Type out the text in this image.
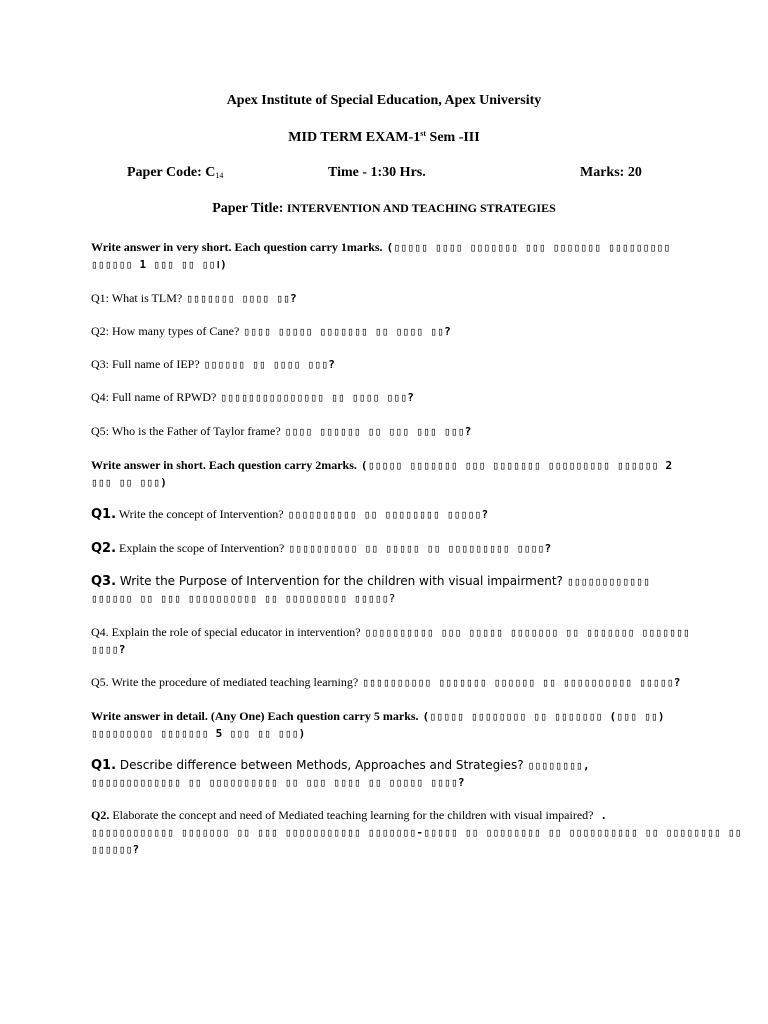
Apex Institute of Special Education, Apex University
MID TERM EXAM-1st Sem -III
Paper Code: $C_{14}$	Time - 1:30 Hrs.	Marks: 20
Paper Title: INTERVENTION AND TEACHING STRATEGIES
Write answer in very short. Each question carry 1marks. (▯▯▯▯▯ ▯▯▯▯ ▯▯▯▯▯▯▯ ▯▯▯ ▯▯▯▯▯▯▯ ▯▯▯▯▯▯▯▯▯
▯▯▯▯▯▯ 1 ▯▯▯ ▯▯ ▯▯।)
Q1: What is TLM? ▯▯▯▯▯▯▯ ▯▯▯▯ ▯▯?
Q2: How many types of Cane? ▯▯▯▯ ▯▯▯▯▯ ▯▯▯▯▯▯▯ ▯▯ ▯▯▯▯ ▯▯?
Q3: Full name of IEP? ▯▯▯▯▯▯ ▯▯ ▯▯▯▯ ▯▯▯?
Q4: Full name of RPWD? ▯▯▯▯▯▯▯▯▯▯▯▯▯▯▯ ▯▯ ▯▯▯▯ ▯▯▯?
Q5: Who is the Father of Taylor frame? ▯▯▯▯ ▯▯▯▯▯▯ ▯▯ ▯▯▯ ▯▯▯ ▯▯▯?
Write answer in short. Each question carry 2marks. (▯▯▯▯▯ ▯▯▯▯▯▯▯ ▯▯▯ ▯▯▯▯▯▯▯ ▯▯▯▯▯▯▯▯▯ ▯▯▯▯▯▯ 2
▯▯▯ ▯▯ ▯▯▯)
Q1. Write the concept of Intervention? ▯▯▯▯▯▯▯▯▯▯ ▯▯ ▯▯▯▯▯▯▯▯ ▯▯▯▯▯?
Q2. Explain the scope of Intervention? ▯▯▯▯▯▯▯▯▯▯ ▯▯ ▯▯▯▯▯ ▯▯ ▯▯▯▯▯▯▯▯▯ ▯▯▯▯?
Q3. Write the Purpose of Intervention for the children with visual impairment? ▯▯▯▯▯▯▯▯▯▯▯▯
▯▯▯▯▯▯ ▯▯ ▯▯▯ ▯▯▯▯▯▯▯▯▯▯ ▯▯ ▯▯▯▯▯▯▯▯▯ ▯▯▯▯▯?
Q4. Explain the role of special educator in intervention? ▯▯▯▯▯▯▯▯▯▯ ▯▯▯ ▯▯▯▯▯ ▯▯▯▯▯▯▯ ▯▯ ▯▯▯▯▯▯▯ ▯▯▯▯▯▯▯
▯▯▯▯?
Q5. Write the procedure of mediated teaching learning? ▯▯▯▯▯▯▯▯▯▯ ▯▯▯▯▯▯▯ ▯▯▯▯▯▯ ▯▯ ▯▯▯▯▯▯▯▯▯▯ ▯▯▯▯▯?
Write answer in detail. (Any One) Each question carry 5 marks. (▯▯▯▯▯ ▯▯▯▯▯▯▯▯ ▯▯ ▯▯▯▯▯▯▯ (▯▯▯ ▯▯)
▯▯▯▯▯▯▯▯▯ ▯▯▯▯▯▯▯ 5 ▯▯▯ ▯▯ ▯▯▯)
Q1. Describe difference between Methods, Approaches and Strategies? ▯▯▯▯▯▯▯▯,
▯▯▯▯▯▯▯▯▯▯▯▯▯ ▯▯ ▯▯▯▯▯▯▯▯▯▯ ▯▯ ▯▯▯ ▯▯▯▯ ▯▯ ▯▯▯▯▯ ▯▯▯▯?
Q2. Elaborate the concept and need of Mediated teaching learning for the children with visual impaired? .
▯▯▯▯▯▯▯▯▯▯▯▯ ▯▯▯▯▯▯▯ ▯▯ ▯▯▯ ▯▯▯▯▯▯▯▯▯▯▯ ▯▯▯▯▯▯▯-▯▯▯▯▯ ▯▯ ▯▯▯▯▯▯▯▯ ▯▯ ▯▯▯▯▯▯▯▯▯▯ ▯▯ ▯▯▯▯▯▯▯▯ ▯▯
▯▯▯▯▯▯?
